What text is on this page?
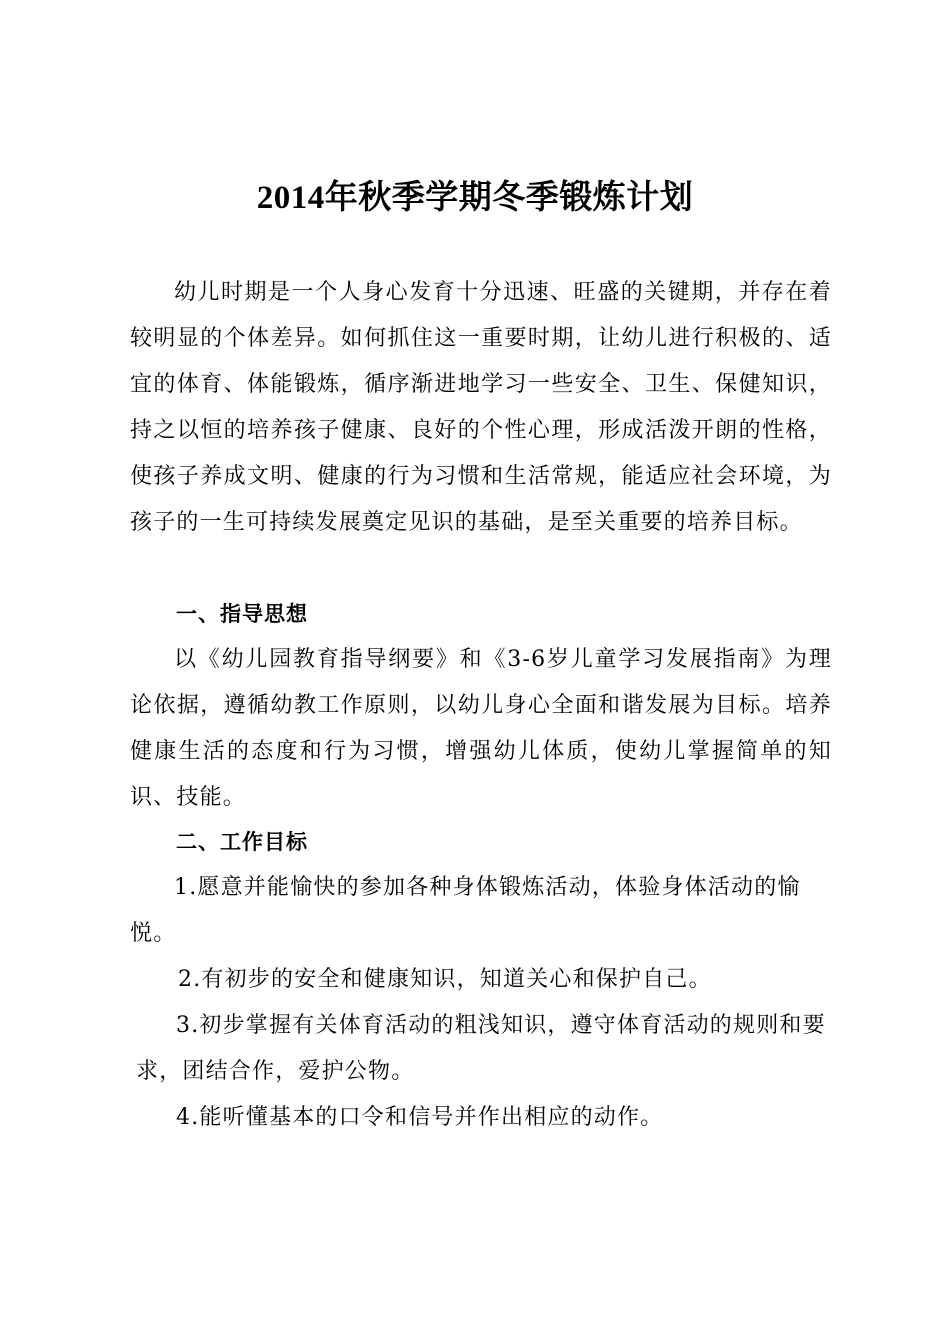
2014年秋季学期冬季锻炼计划

幼儿时期是一个人身心发育十分迅速、旺盛的关键期，并存在着较明显的个体差异。如何抓住这一重要时期，让幼儿进行积极的、适宜的体育、体能锻炼，循序渐进地学习一些安全、卫生、保健知识，持之以恒的培养孩子健康、良好的个性心理，形成活泼开朗的性格，使孩子养成文明、健康的行为习惯和生活常规，能适应社会环境，为孩子的一生可持续发展奠定见识的基础，是至关重要的培养目标。

一、指导思想

以《幼儿园教育指导纲要》和《3-6岁儿童学习发展指南》为理论依据，遵循幼教工作原则，以幼儿身心全面和谐发展为目标。培养健康生活的态度和行为习惯，增强幼儿体质，使幼儿掌握简单的知识、技能。

二、工作目标

1.愿意并能愉快的参加各种身体锻炼活动，体验身体活动的愉悦。

2.有初步的安全和健康知识，知道关心和保护自己。

3.初步掌握有关体育活动的粗浅知识，遵守体育活动的规则和要求，团结合作，爱护公物。

4.能听懂基本的口令和信号并作出相应的动作。
